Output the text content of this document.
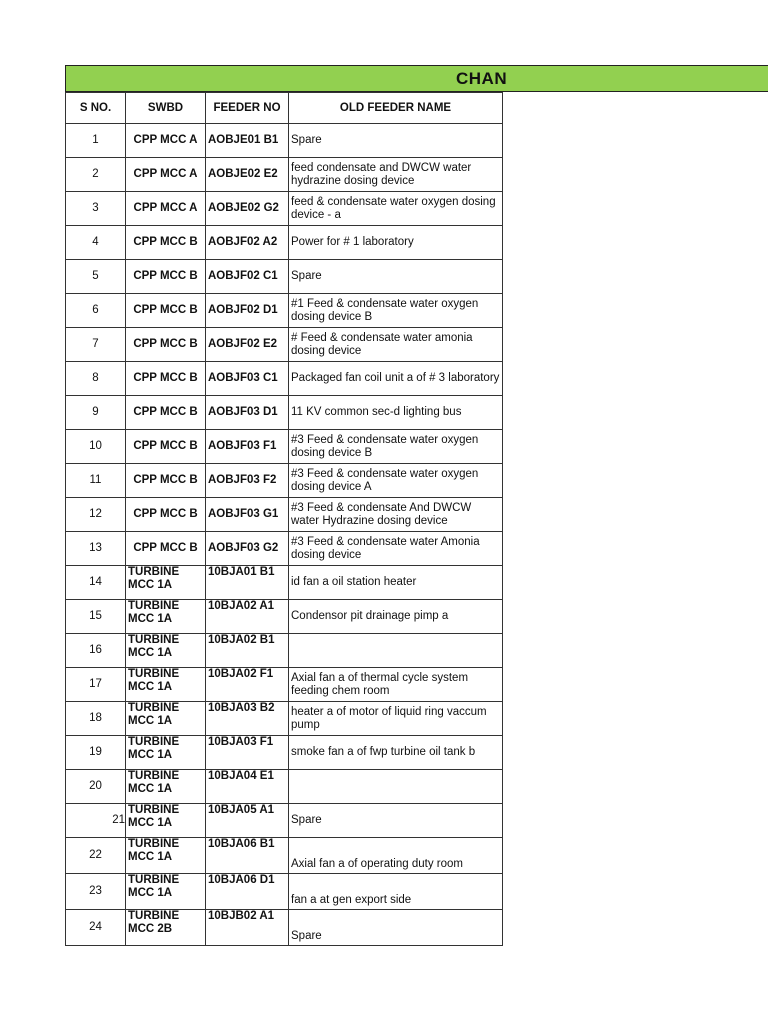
CHAN
S NO.	SWBD	FEEDER NO	OLD FEEDER NAME
1	CPP MCC A	AOBJE01 B1	Spare
2	CPP MCC A	AOBJE02 E2	feed condensate and DWCW water hydrazine dosing device
3	CPP MCC A	AOBJE02 G2	feed & condensate water oxygen dosing device - a
4	CPP MCC B	AOBJF02 A2	Power for # 1 laboratory
5	CPP MCC B	AOBJF02 C1	Spare
6	CPP MCC B	AOBJF02 D1	#1 Feed & condensate water oxygen dosing device B
7	CPP MCC B	AOBJF02 E2	# Feed & condensate water amonia dosing device
8	CPP MCC B	AOBJF03 C1	Packaged fan coil unit a of # 3 laboratory
9	CPP MCC B	AOBJF03 D1	11 KV common sec-d lighting bus
10	CPP MCC B	AOBJF03 F1	#3 Feed & condensate water oxygen dosing device B
11	CPP MCC B	AOBJF03 F2	#3 Feed & condensate water oxygen dosing device A
12	CPP MCC B	AOBJF03 G1	#3 Feed & condensate And DWCW water Hydrazine dosing device
13	CPP MCC B	AOBJF03 G2	#3 Feed & condensate water Amonia dosing device
14	TURBINE MCC 1A	10BJA01 B1	id fan a oil station heater
15	TURBINE MCC 1A	10BJA02 A1	Condensor pit drainage pimp a
16	TURBINE MCC 1A	10BJA02 B1	
17	TURBINE MCC 1A	10BJA02 F1	Axial fan a of thermal cycle system feeding chem room
18	TURBINE MCC 1A	10BJA03 B2	heater a of motor of liquid ring vaccum pump
19	TURBINE MCC 1A	10BJA03 F1	smoke fan a of fwp turbine oil tank b
20	TURBINE MCC 1A	10BJA04 E1	
21	TURBINE MCC 1A	10BJA05 A1	Spare
22	TURBINE MCC 1A	10BJA06 B1	Axial fan a of operating duty room
23	TURBINE MCC 1A	10BJA06 D1	fan a at gen export side
24	TURBINE MCC 2B	10BJB02 A1	Spare
